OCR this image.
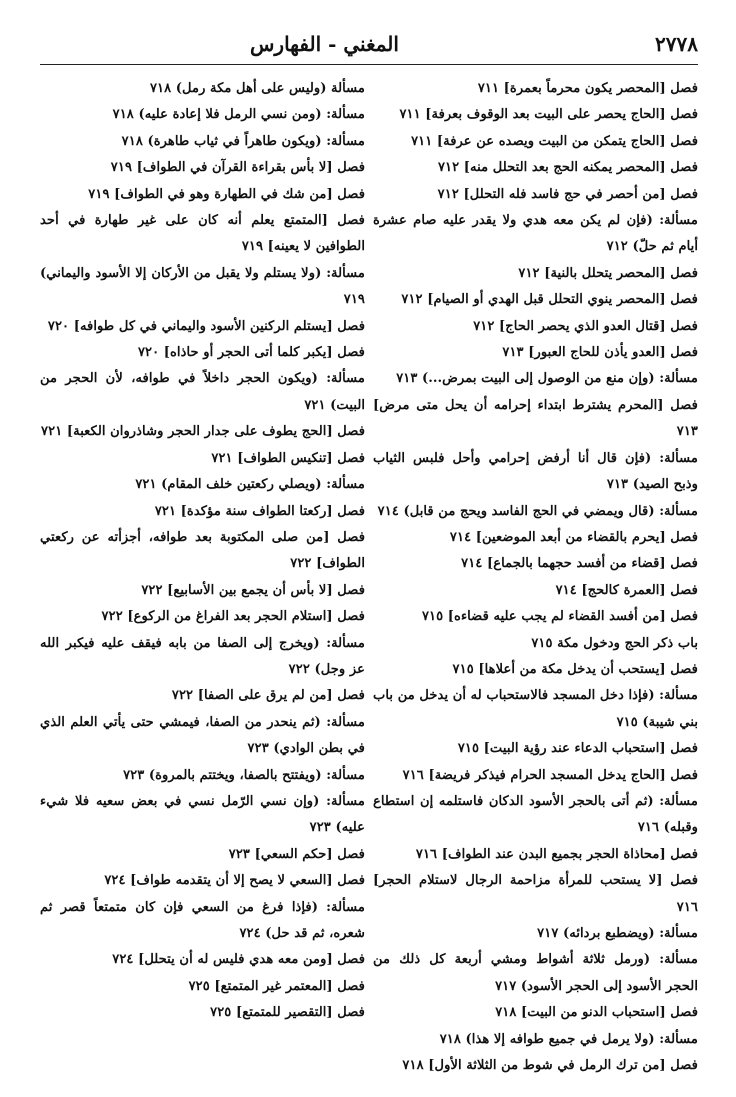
٢٧٧٨
المغني - الفهارس

فصل [المحصر يكون محرماً بعمرة] ٧١١

فصل [الحاج يحصر على البيت بعد الوقوف بعرفة] ٧١١

فصل [الحاج يتمكن من البيت ويصده عن عرفة] ٧١١

فصل [المحصر يمكنه الحج بعد التحلل منه] ٧١٢

فصل [من أحصر في حج فاسد فله التحلل] ٧١٢

مسألة: (فإن لم يكن معه هدي ولا يقدر عليه صام عشرة أيام ثم حلّ) ٧١٢

فصل [المحصر يتحلل بالنية] ٧١٢

فصل [المحصر ينوي التحلل قبل الهدي أو الصيام] ٧١٢

فصل [قتال العدو الذي يحصر الحاج] ٧١٢

فصل [العدو يأذن للحاج العبور] ٧١٣

مسألة: (وإن منع من الوصول إلى البيت بمرض...) ٧١٣

فصل [المحرم يشترط ابتداء إحرامه أن يحل متى مرض] ٧١٣

مسألة: (فإن قال أنا أرفض إحرامي وأحل فلبس الثياب وذبح الصيد) ٧١٣

مسألة: (قال ويمضي في الحج الفاسد ويحج من قابل) ٧١٤

فصل [يحرم بالقضاء من أبعد الموضعين] ٧١٤

فصل [قضاء من أفسد حجهما بالجماع] ٧١٤

فصل [العمرة كالحج] ٧١٤

فصل [من أفسد القضاء لم يجب عليه قضاءه] ٧١٥

باب ذكر الحج ودخول مكة ٧١٥

فصل [يستحب أن يدخل مكة من أعلاها] ٧١٥

مسألة: (فإذا دخل المسجد فالاستحباب له أن يدخل من باب بني شيبة) ٧١٥

فصل [استحباب الدعاء عند رؤية البيت] ٧١٥

فصل [الحاج يدخل المسجد الحرام فيذكر فريضة] ٧١٦

مسألة: (ثم أتى بالحجر الأسود الدكان فاستلمه إن استطاع وقبله) ٧١٦

فصل [محاذاة الحجر بجميع البدن عند الطواف] ٧١٦

فصل [لا يستحب للمرأة مزاحمة الرجال لاستلام الحجر] ٧١٦

مسألة: (ويضطبع بردائه) ٧١٧

مسألة: (ورمل ثلاثة أشواط ومشي أربعة كل ذلك من الحجر الأسود إلى الحجر الأسود) ٧١٧

فصل [استحباب الدنو من البيت] ٧١٨

مسألة: (ولا يرمل في جميع طوافه إلا هذا) ٧١٨

فصل [من ترك الرمل في شوط من الثلاثة الأول] ٧١٨

مسألة (وليس على أهل مكة رمل) ٧١٨

مسألة: (ومن نسي الرمل فلا إعادة عليه) ٧١٨

مسألة: (ويكون طاهراً في ثياب طاهرة) ٧١٨

فصل [لا بأس بقراءة القرآن في الطواف] ٧١٩

فصل [من شك في الطهارة وهو في الطواف] ٧١٩

فصل [المتمتع يعلم أنه كان على غير طهارة في أحد الطوافين لا يعينه] ٧١٩

مسألة: (ولا يستلم ولا يقبل من الأركان إلا الأسود واليماني) ٧١٩

فصل [يستلم الركنين الأسود واليماني في كل طوافه] ٧٢٠

فصل [يكبر كلما أتى الحجر أو حاذاه] ٧٢٠

مسألة: (ويكون الحجر داخلاً في طوافه، لأن الحجر من البيت) ٧٢١

فصل [الحج يطوف على جدار الحجر وشاذروان الكعبة] ٧٢١

فصل [تنكيس الطواف] ٧٢١

مسألة: (ويصلي ركعتين خلف المقام) ٧٢١

فصل [ركعتا الطواف سنة مؤكدة] ٧٢١

فصل [من صلى المكتوبة بعد طوافه، أجزأته عن ركعتي الطواف] ٧٢٢

فصل [لا بأس أن يجمع بين الأسابيع] ٧٢٢

فصل [استلام الحجر بعد الفراغ من الركوع] ٧٢٢

مسألة: (ويخرج إلى الصفا من بابه فيقف عليه فيكبر الله عز وجل) ٧٢٢

فصل [من لم يرق على الصفا] ٧٢٢

مسألة: (ثم ينحدر من الصفا، فيمشي حتى يأتي العلم الذي في بطن الوادي) ٧٢٣

مسألة: (ويفتتح بالصفا، ويختتم بالمروة) ٧٢٣

مسألة: (وإن نسي الرّمل نسي في بعض سعيه فلا شيء عليه) ٧٢٣

فصل [حكم السعي] ٧٢٣

فصل [السعي لا يصح إلا أن يتقدمه طواف] ٧٢٤

مسألة: (فإذا فرغ من السعي فإن كان متمتعاً قصر ثم شعره، ثم قد حل) ٧٢٤

فصل [ومن معه هدي فليس له أن يتحلل] ٧٢٤

فصل [المعتمر غير المتمتع] ٧٢٥

فصل [التقصير للمتمتع] ٧٢٥
